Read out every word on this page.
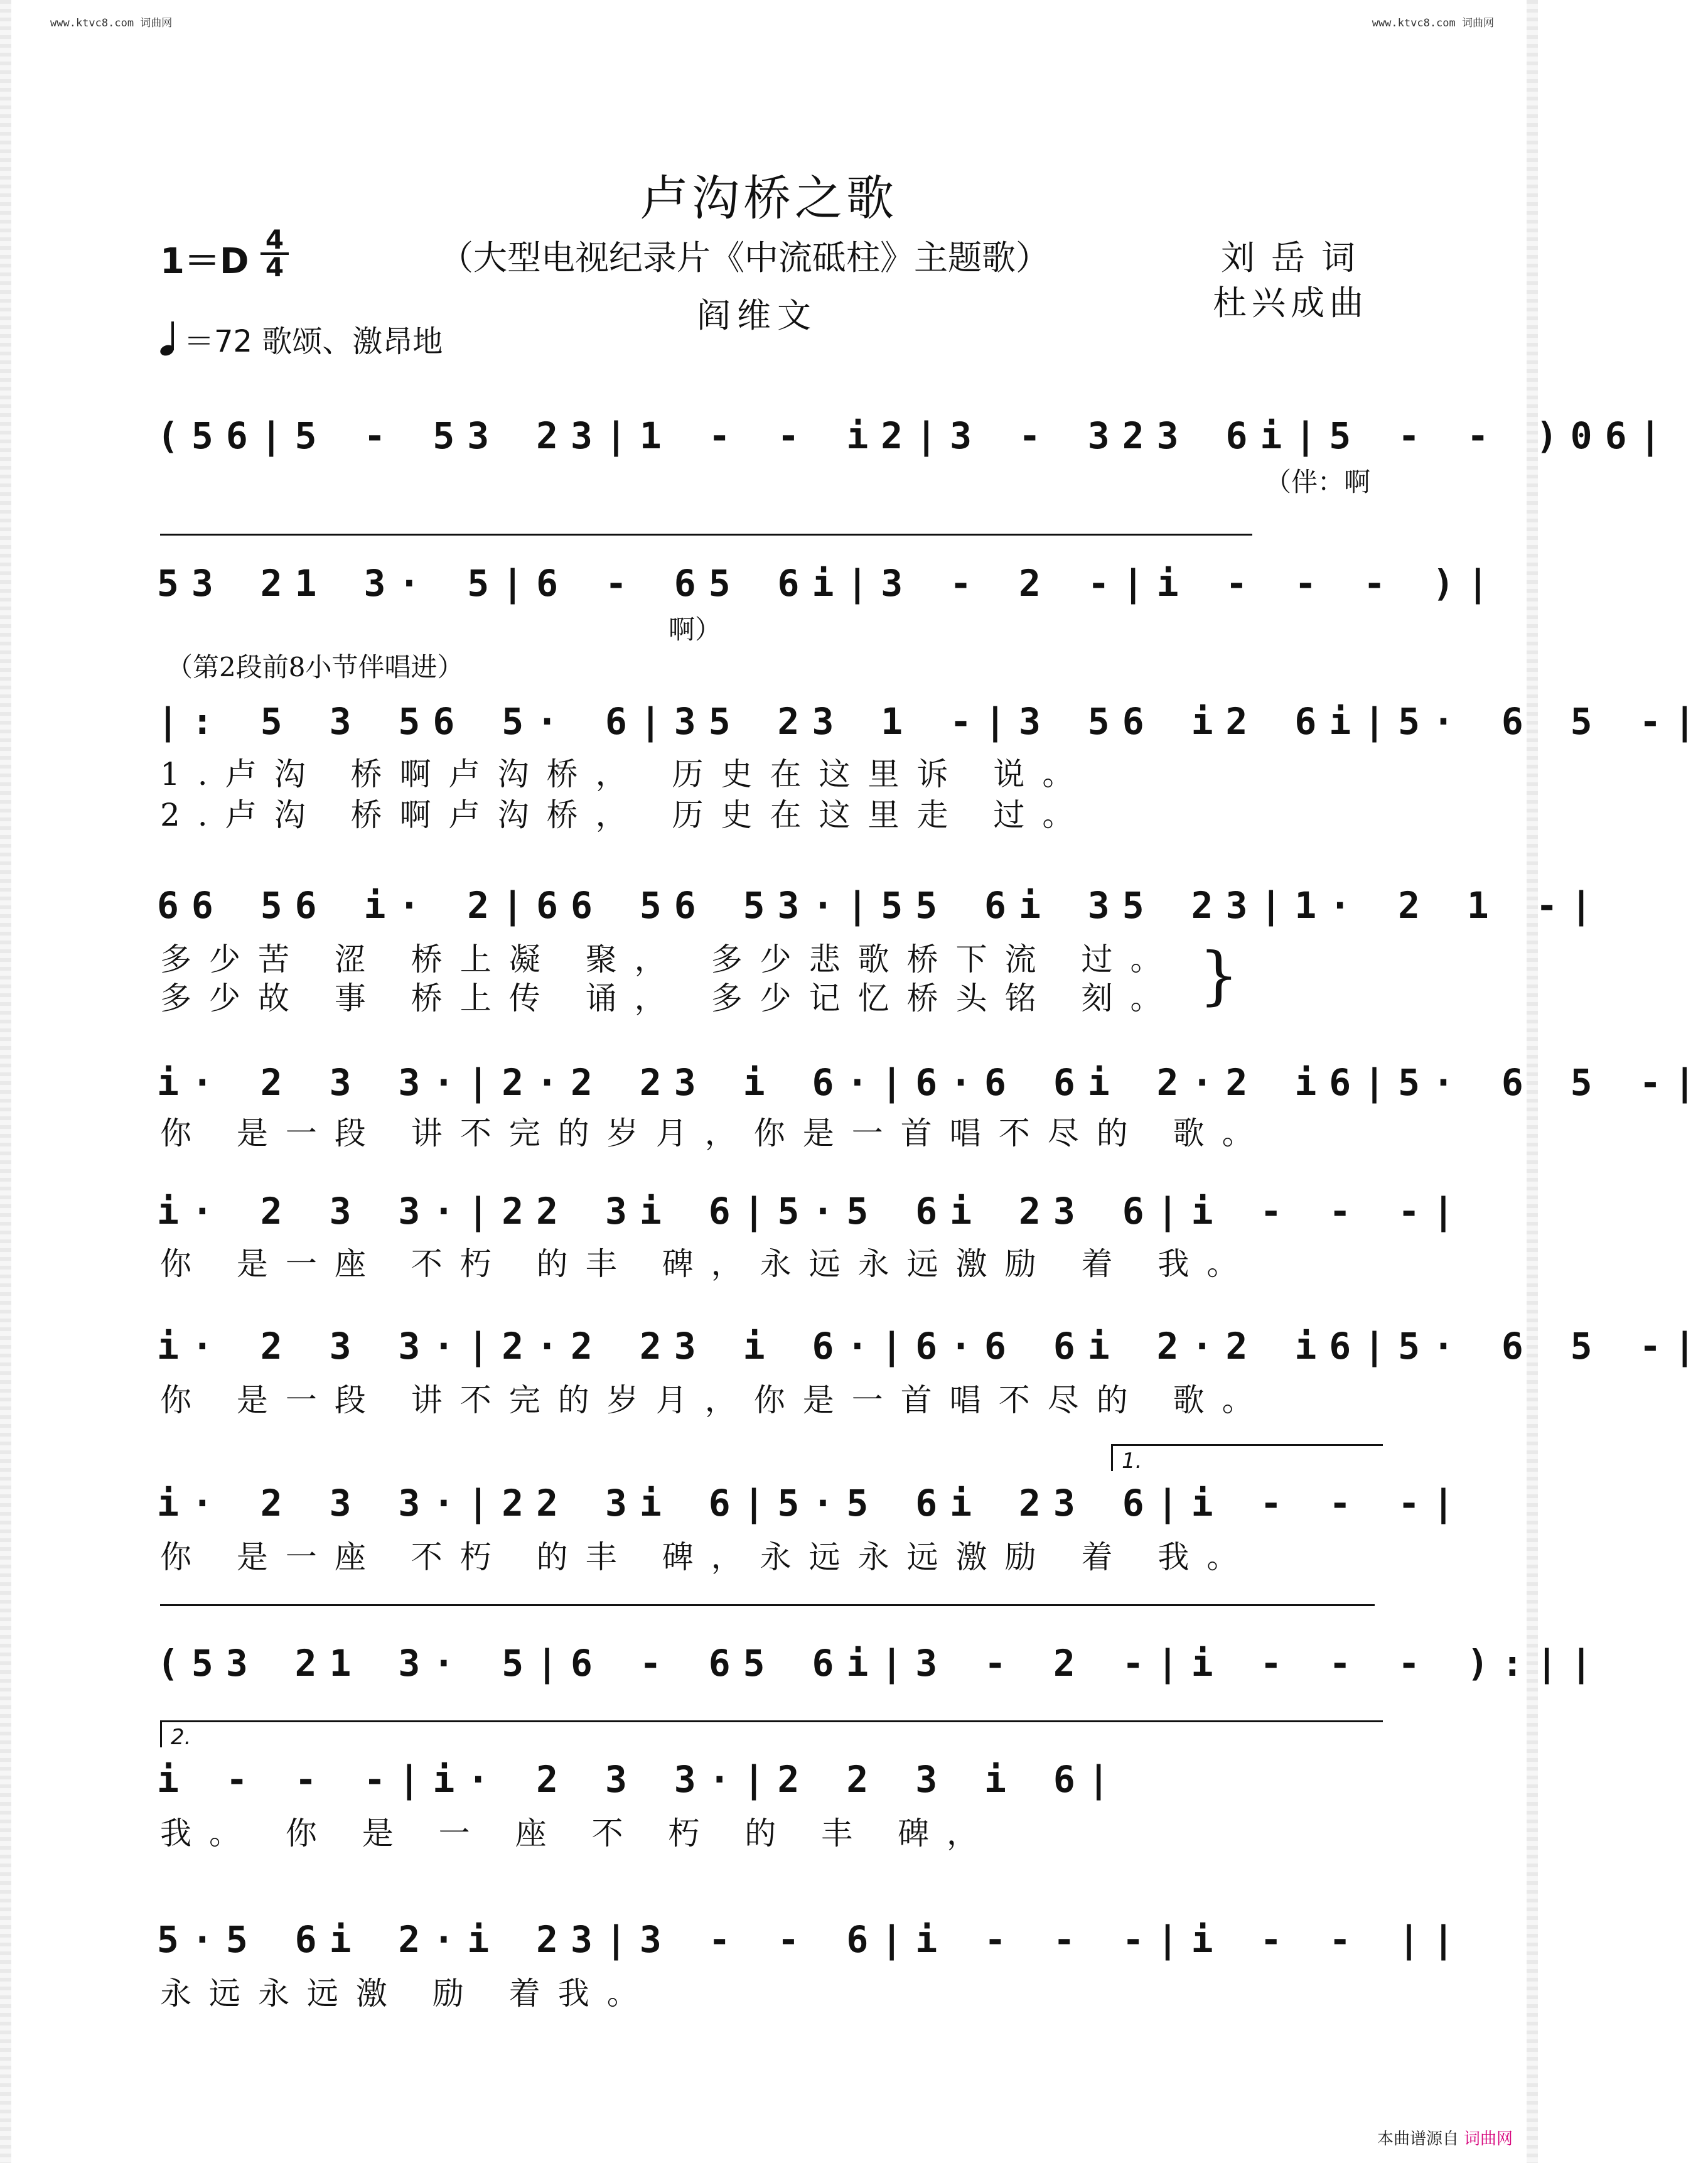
www.ktvc8.com 词曲网	www.ktvc8.com 词曲网
卢沟桥之歌
$1=D \frac{4}{4}$	（大型电视纪录片《中流砥柱》主题歌）
阎维文
刘岳词
杜兴成曲
＝72 歌颂、激昂地
(56|5 - 53 23|1 - - i2|3 - 323 6i|5 - - )06|
（伴：啊
53 21 3· 5|6 - 65 6i|3 - 2 -|i - - - )|
啊）
（第2段前8小节伴唱进）
|: 5 3 56 5· 6|35 23 1 -|3 56 i2 6i|5· 6 5 -|
1.卢沟 桥啊卢沟桥， 历史在这里诉 说。
2.卢沟 桥啊卢沟桥， 历史在这里走 过。
66 56 i· 2|66 56 53·|55 6i 35 23|1· 2 1 -|
多少苦 涩 桥上凝 聚， 多少悲歌桥下流 过。
多少故 事 桥上传 诵， 多少记忆桥头铭 刻。 }
i· 2 3 3·|2·2 23 i 6·|6·6 6i 2·2 i6|5· 6 5 -|
你 是一段 讲不完的岁月，你是一首唱不尽的 歌。
i· 2 3 3·|22 3i 6|5·5 6i 23 6|i - - -|
你 是一座 不朽 的丰 碑，永远永远激励 着 我。
i· 2 3 3·|2·2 23 i 6·|6·6 6i 2·2 i6|5· 6 5 -|
你 是一段 讲不完的岁月，你是一首唱不尽的 歌。
1.
i· 2 3 3·|22 3i 6|5·5 6i 23 6|i - - -|
你 是一座 不朽 的丰 碑，永远永远激励 着 我。
(53 21 3· 5|6 - 65 6i|3 - 2 -|i - - - ):||
2.
i - - -|i· 2 3 3·|2 2 3 i 6|
我。 你 是 一 座 不 朽 的 丰 碑，
5·5 6i 2·i 23|3 - - 6|i - - -|i - - ||
永远永远激 励 着我。
本曲谱源自 词曲网
